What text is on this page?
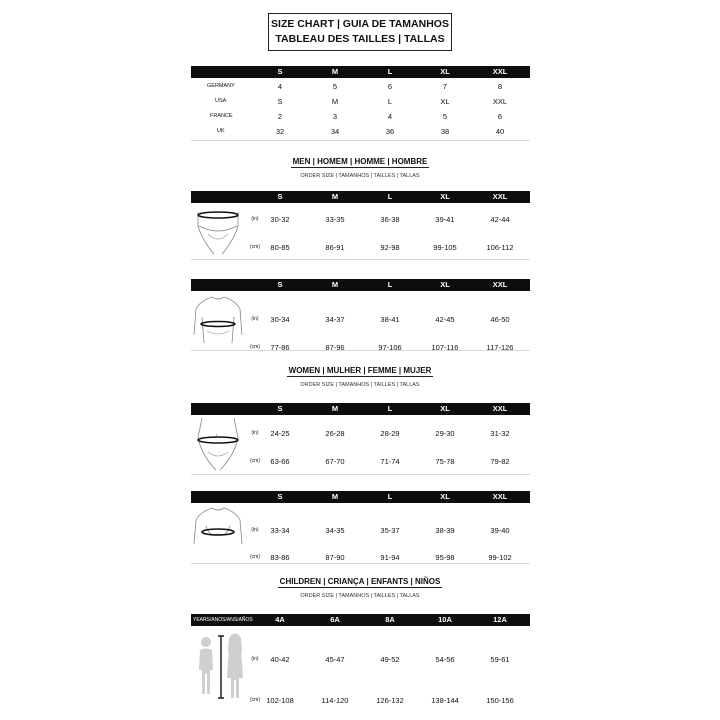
SIZE CHART | GUIA DE TAMANHOS
TABLEAU DES TAILLES | TALLAS
S	M	L	XL	XXL
GERMANY	4	5	6	7	8
USA	S	M	L	XL	XXL
FRANCE	2	3	4	5	6
UK	32	34	36	38	40
MEN | HOMEM | HOMME | HOMBRE
ORDER SIZE | TAMANHOS | TAILLES | TALLAS
S	M	L	XL	XXL
(in)	30-32	33-35	36-38	39-41	42-44
(cm)	80-85	86-91	92-98	99-105	106-112
S	M	L	XL	XXL
(in)	30-34	34-37	38-41	42-45	46-50
(cm)	77-86	87-96	97-106	107-116	117-126
WOMEN | MULHER | FEMME | MUJER
ORDER SIZE | TAMANHOS | TAILLES | TALLAS
S	M	L	XL	XXL
(in)	24-25	26-28	28-29	29-30	31-32
(cm)	63-66	67-70	71-74	75-78	79-82
S	M	L	XL	XXL
(in)	33-34	34-35	35-37	38-39	39-40
(cm)	83-86	87-90	91-94	95-98	99-102
CHILDREN | CRIANÇA | ENFANTS | NIÑOS
ORDER SIZE | TAMANHOS | TAILLES | TALLAS
YEARS/ANOS/ANS/AÑOS	4A	6A	8A	10A	12A
(in)	40-42	45-47	49-52	54-56	59-61
(cm) 102-108	114-120	126-132	138-144	150-156
